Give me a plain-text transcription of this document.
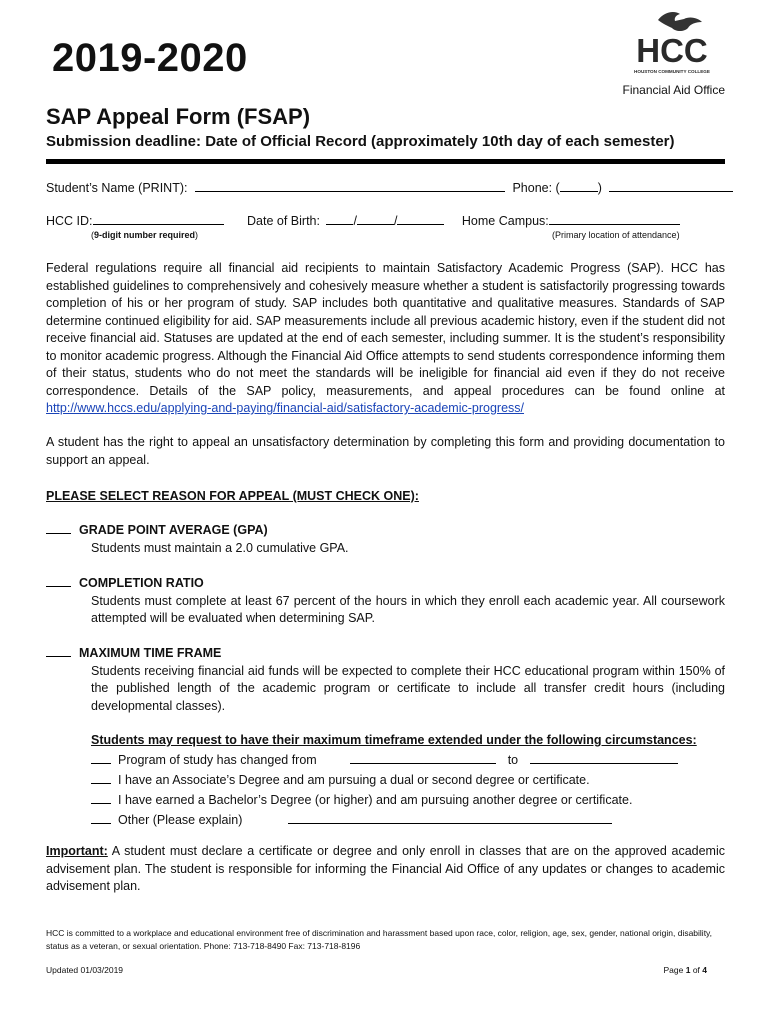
2019-2020	HCC
HOUSTON COMMUNITY COLLEGE
Financial Aid Office
SAP Appeal Form (FSAP)
Submission deadline: Date of Official Record (approximately 10th day of each semester)
Student’s Name (PRINT):	Phone: (	)
HCC ID:	Date of Birth:	/	/	Home Campus:
(9-digit number required)	(Primary location of attendance)
Federal regulations require all financial aid recipients to maintain Satisfactory Academic Progress (SAP). HCC has established guidelines to comprehensively and cohesively measure whether a student is satisfactorily progressing towards completion of his or her program of study. SAP includes both quantitative and qualitative measures. Standards of SAP determine continued eligibility for aid. SAP measurements include all previous academic history, even if the student did not receive financial aid. Statuses are updated at the end of each semester, including summer. It is the student’s responsibility to monitor academic progress. Although the Financial Aid Office attempts to send students correspondence informing them of their status, students who do not meet the standards will be ineligible for financial aid even if they do not receive correspondence. Details of the SAP policy, measurements, and appeal procedures can be found online at http://www.hccs.edu/applying-and-paying/financial-aid/satisfactory-academic-progress/
A student has the right to appeal an unsatisfactory determination by completing this form and providing documentation to support an appeal.
PLEASE SELECT REASON FOR APPEAL (MUST CHECK ONE):
GRADE POINT AVERAGE (GPA)
Students must maintain a 2.0 cumulative GPA.
COMPLETION RATIO
Students must complete at least 67 percent of the hours in which they enroll each academic year. All coursework attempted will be evaluated when determining SAP.
MAXIMUM TIME FRAME
Students receiving financial aid funds will be expected to complete their HCC educational program within 150% of the published length of the academic program or certificate to include all transfer credit hours (including developmental classes).
Students may request to have their maximum timeframe extended under the following circumstances:
Program of study has changed from	to
I have an Associate’s Degree and am pursuing a dual or second degree or certificate.
I have earned a Bachelor’s Degree (or higher) and am pursuing another degree or certificate.
Other (Please explain)
Important: A student must declare a certificate or degree and only enroll in classes that are on the approved academic advisement plan. The student is responsible for informing the Financial Aid Office of any updates or changes to academic advisement plan.
HCC is committed to a workplace and educational environment free of discrimination and harassment based upon race, color, religion, age, sex, gender, national origin, disability, status as a veteran, or sexual orientation. Phone: 713-718-8490 Fax: 713-718-8196
Updated 01/03/2019	Page 1 of 4
